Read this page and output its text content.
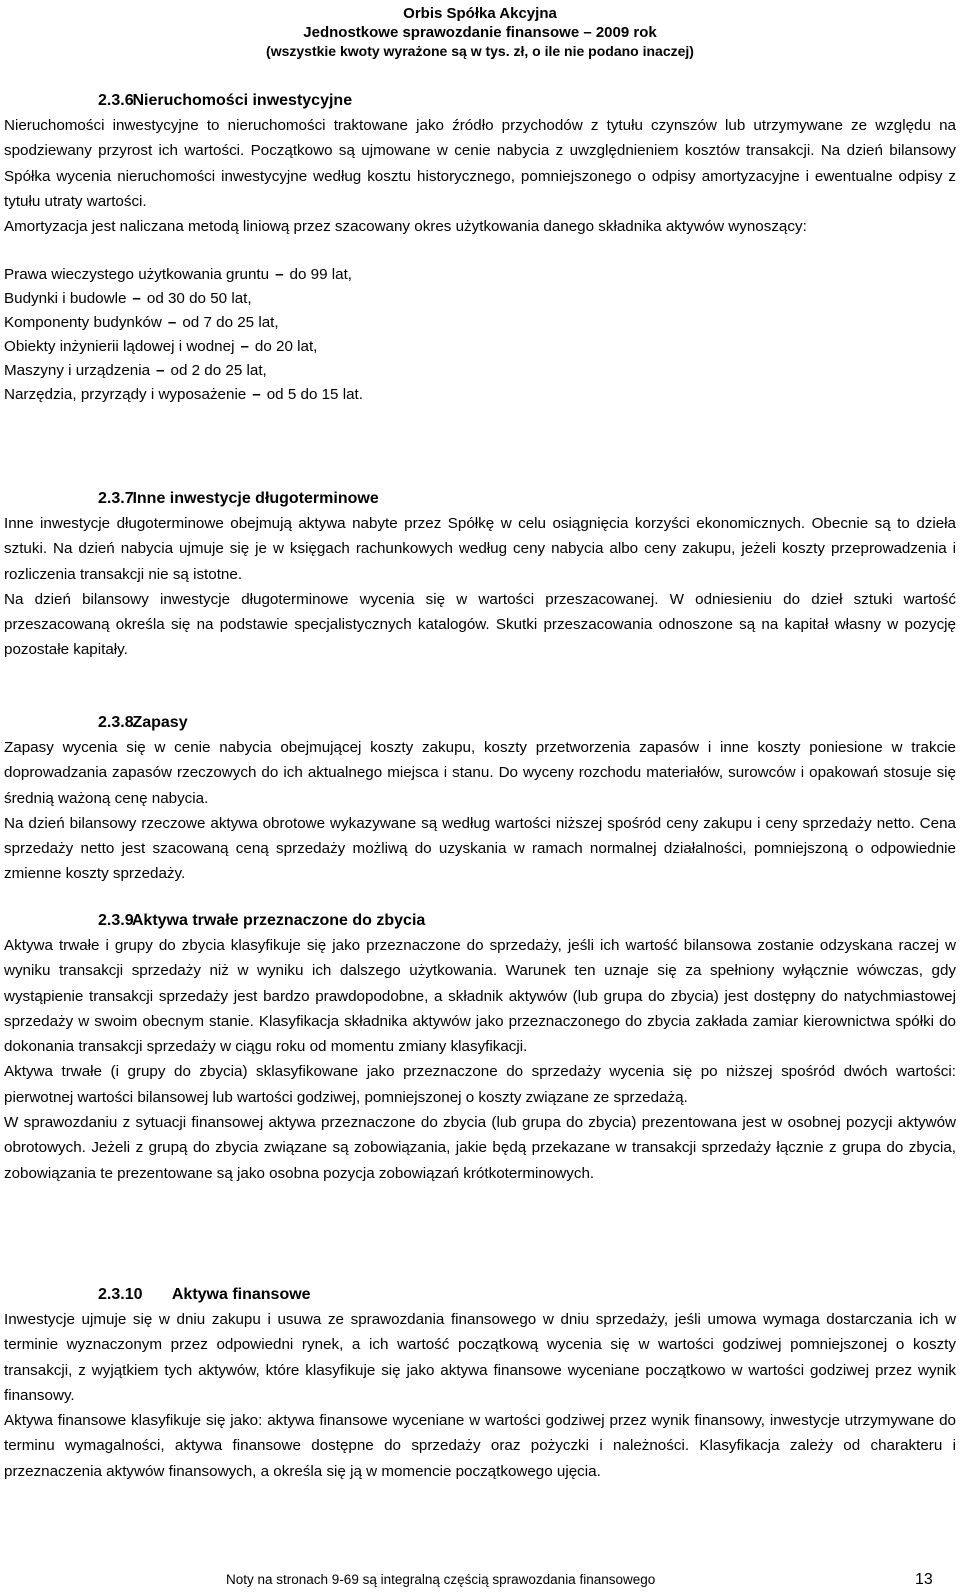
Orbis Spółka Akcyjna
Jednostkowe sprawozdanie finansowe – 2009 rok
(wszystkie kwoty wyrażone są w tys. zł, o ile nie podano inaczej)
2.3.6 Nieruchomości inwestycyjne

Nieruchomości inwestycyjne to nieruchomości traktowane jako źródło przychodów z tytułu czynszów lub utrzymywane ze względu na spodziewany przyrost ich wartości. Początkowo są ujmowane w cenie nabycia z uwzględnieniem kosztów transakcji. Na dzień bilansowy Spółka wycenia nieruchomości inwestycyjne według kosztu historycznego, pomniejszonego o odpisy amortyzacyjne i ewentualne odpisy z tytułu utraty wartości.

Amortyzacja jest naliczana metodą liniową przez szacowany okres użytkowania danego składnika aktywów wynoszący:

Prawa wieczystego użytkowania gruntu – do 99 lat,

Budynki i budowle – od 30 do 50 lat,

Komponenty budynków – od 7 do 25 lat,

Obiekty inżynierii lądowej i wodnej – do 20 lat,

Maszyny i urządzenia – od 2 do 25 lat,

Narzędzia, przyrządy i wyposażenie – od 5 do 15 lat.

2.3.7 Inne inwestycje długoterminowe

Inne inwestycje długoterminowe obejmują aktywa nabyte przez Spółkę w celu osiągnięcia korzyści ekonomicznych. Obecnie są to dzieła sztuki. Na dzień nabycia ujmuje się je w księgach rachunkowych według ceny nabycia albo ceny zakupu, jeżeli koszty przeprowadzenia i rozliczenia transakcji nie są istotne.

Na dzień bilansowy inwestycje długoterminowe wycenia się w wartości przeszacowanej. W odniesieniu do dzieł sztuki wartość przeszacowaną określa się na podstawie specjalistycznych katalogów. Skutki przeszacowania odnoszone są na kapitał własny w pozycję pozostałe kapitały.

2.3.8 Zapasy

Zapasy wycenia się w cenie nabycia obejmującej koszty zakupu, koszty przetworzenia zapasów i inne koszty poniesione w trakcie doprowadzania zapasów rzeczowych do ich aktualnego miejsca i stanu. Do wyceny rozchodu materiałów, surowców i opakowań stosuje się średnią ważoną cenę nabycia.

Na dzień bilansowy rzeczowe aktywa obrotowe wykazywane są według wartości niższej spośród ceny zakupu i ceny sprzedaży netto. Cena sprzedaży netto jest szacowaną ceną sprzedaży możliwą do uzyskania w ramach normalnej działalności, pomniejszoną o odpowiednie zmienne koszty sprzedaży.

2.3.9 Aktywa trwałe przeznaczone do zbycia

Aktywa trwałe i grupy do zbycia klasyfikuje się jako przeznaczone do sprzedaży, jeśli ich wartość bilansowa zostanie odzyskana raczej w wyniku transakcji sprzedaży niż w wyniku ich dalszego użytkowania. Warunek ten uznaje się za spełniony wyłącznie wówczas, gdy wystąpienie transakcji sprzedaży jest bardzo prawdopodobne, a składnik aktywów (lub grupa do zbycia) jest dostępny do natychmiastowej sprzedaży w swoim obecnym stanie. Klasyfikacja składnika aktywów jako przeznaczonego do zbycia zakłada zamiar kierownictwa spółki do dokonania transakcji sprzedaży w ciągu roku od momentu zmiany klasyfikacji.

Aktywa trwałe (i grupy do zbycia) sklasyfikowane jako przeznaczone do sprzedaży wycenia się po niższej spośród dwóch wartości: pierwotnej wartości bilansowej lub wartości godziwej, pomniejszonej o koszty związane ze sprzedażą.

W sprawozdaniu z sytuacji finansowej aktywa przeznaczone do zbycia (lub grupa do zbycia) prezentowana jest w osobnej pozycji aktywów obrotowych. Jeżeli z grupą do zbycia związane są zobowiązania, jakie będą przekazane w transakcji sprzedaży łącznie z grupa do zbycia, zobowiązania te prezentowane są jako osobna pozycja zobowiązań krótkoterminowych.

2.3.10 Aktywa finansowe

Inwestycje ujmuje się w dniu zakupu i usuwa ze sprawozdania finansowego w dniu sprzedaży, jeśli umowa wymaga dostarczania ich w terminie wyznaczonym przez odpowiedni rynek, a ich wartość początkową wycenia się w wartości godziwej pomniejszonej o koszty transakcji, z wyjątkiem tych aktywów, które klasyfikuje się jako aktywa finansowe wyceniane początkowo w wartości godziwej przez wynik finansowy.

Aktywa finansowe klasyfikuje się jako: aktywa finansowe wyceniane w wartości godziwej przez wynik finansowy, inwestycje utrzymywane do terminu wymagalności, aktywa finansowe dostępne do sprzedaży oraz pożyczki i należności. Klasyfikacja zależy od charakteru i przeznaczenia aktywów finansowych, a określa się ją w momencie początkowego ujęcia.

Noty na stronach 9-69 są integralną częścią sprawozdania finansowego	13
